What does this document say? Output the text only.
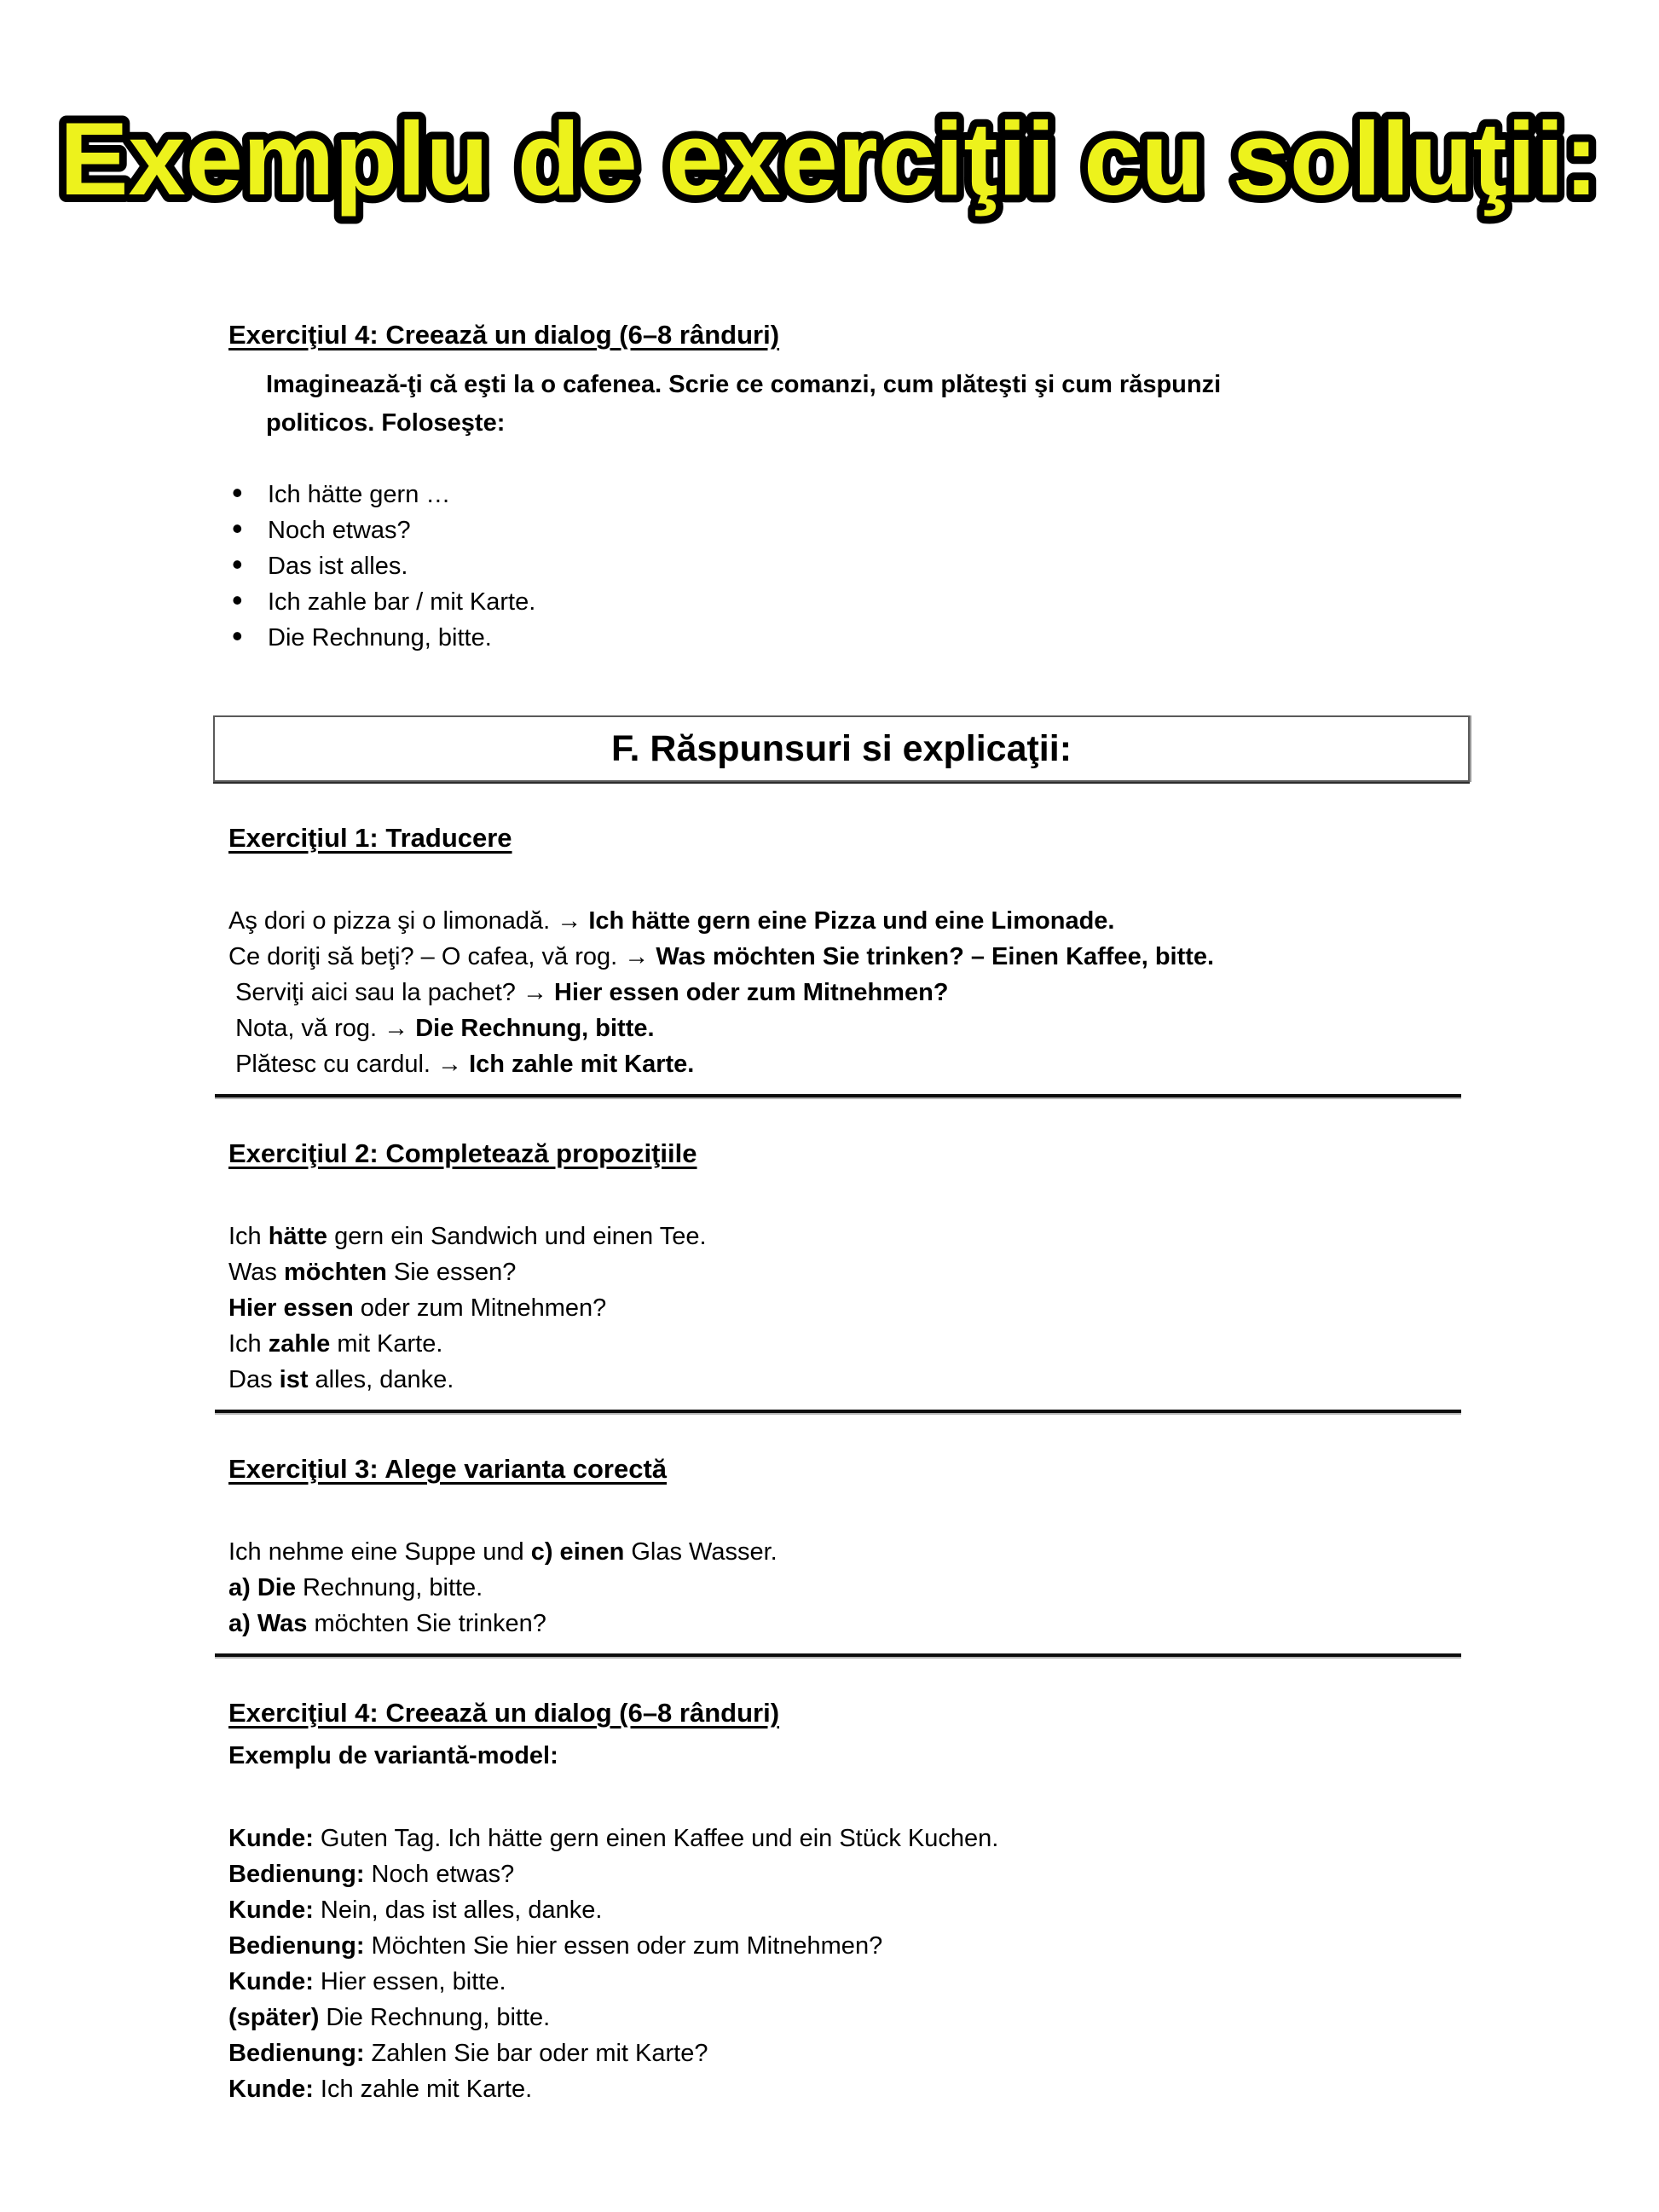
Exemplu de exerciţii cu solluţii:
Exerciţiul 4: Creează un dialog (6–8 rânduri)

Imaginează-ţi că eşti la o cafenea. Scrie ce comanzi, cum plăteşti şi cum răspunzi politicos. Foloseşte:

• Ich hätte gern …
• Noch etwas?
• Das ist alles.
• Ich zahle bar / mit Karte.
• Die Rechnung, bitte.
F. Răspunsuri si explicaţii:
Exerciţiul 1: Traducere
Aş dori o pizza şi o limonadă. → Ich hätte gern eine Pizza und eine Limonade.
Ce doriţi să beţi? – O cafea, vă rog. → Was möchten Sie trinken? – Einen Kaffee, bitte.
Serviţi aici sau la pachet? → Hier essen oder zum Mitnehmen?
Nota, vă rog. → Die Rechnung, bitte.
Plătesc cu cardul. → Ich zahle mit Karte.
Exerciţiul 2: Completează propoziţiile
Ich hätte gern ein Sandwich und einen Tee.
Was möchten Sie essen?
Hier essen oder zum Mitnehmen?
Ich zahle mit Karte.
Das ist alles, danke.
Exerciţiul 3: Alege varianta corectă
Ich nehme eine Suppe und c) einen Glas Wasser.
a) Die Rechnung, bitte.
a) Was möchten Sie trinken?
Exerciţiul 4: Creează un dialog (6–8 rânduri)
Exemplu de variantă-model:
Kunde: Guten Tag. Ich hätte gern einen Kaffee und ein Stück Kuchen.
Bedienung: Noch etwas?
Kunde: Nein, das ist alles, danke.
Bedienung: Möchten Sie hier essen oder zum Mitnehmen?
Kunde: Hier essen, bitte.
(später) Die Rechnung, bitte.
Bedienung: Zahlen Sie bar oder mit Karte?
Kunde: Ich zahle mit Karte.
